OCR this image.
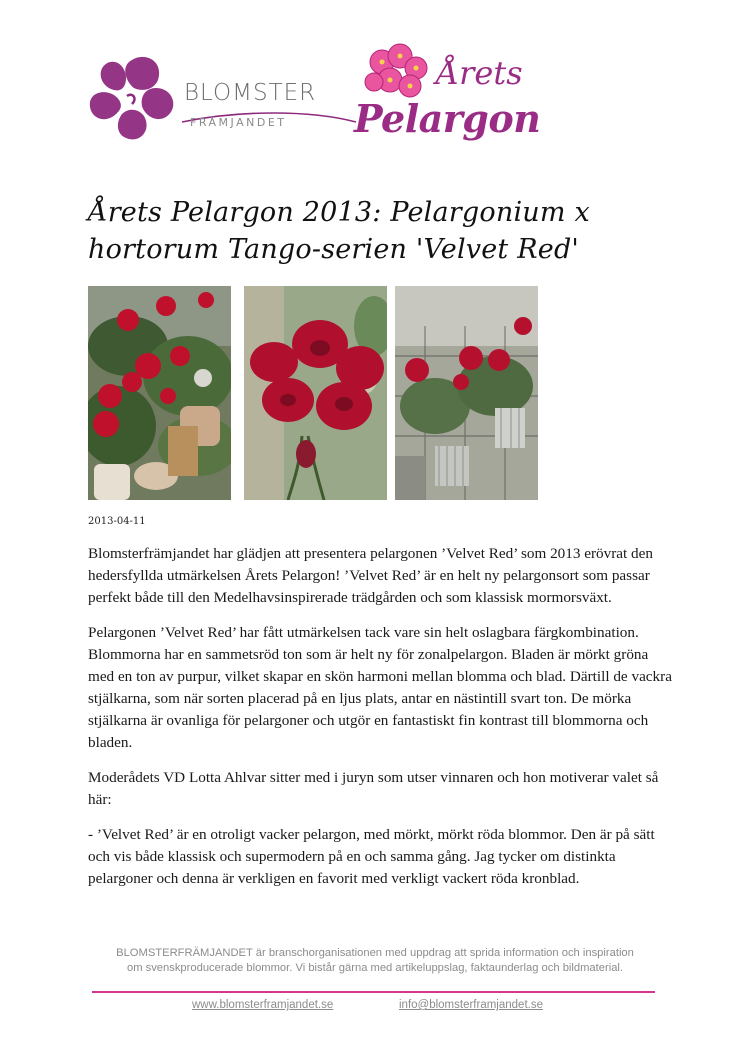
BLOMSTER
FRÄMJANDET
Årets
Pelargon
Årets Pelargon 2013: Pelargonium x hortorum Tango-serien 'Velvet Red'
2013-04-11

Blomsterfrämjandet har glädjen att presentera pelargonen ’Velvet Red’ som 2013 erövrat den hedersfyllda utmärkelsen Årets Pelargon! ’Velvet Red’ är en helt ny pelargonsort som passar perfekt både till den Medelhavsinspirerade trädgården och som klassisk mormorsväxt.

Pelargonen ’Velvet Red’ har fått utmärkelsen tack vare sin helt oslagbara färgkombination. Blommorna har en sammetsröd ton som är helt ny för zonalpelargon. Bladen är mörkt gröna med en ton av purpur, vilket skapar en skön harmoni mellan blomma och blad. Därtill de vackra stjälkarna, som när sorten placerad på en ljus plats, antar en nästintill svart ton. De mörka stjälkarna är ovanliga för pelargoner och utgör en fantastiskt fin kontrast till blommorna och bladen.

Moderådets VD Lotta Ahlvar sitter med i juryn som utser vinnaren och hon motiverar valet så här:

- ’Velvet Red’ är en otroligt vacker pelargon, med mörkt, mörkt röda blommor. Den är på sätt och vis både klassisk och supermodern på en och samma gång. Jag tycker om distinkta pelargoner och denna är verkligen en favorit med verkligt vackert röda kronblad.

BLOMSTERFRÄMJANDET är branschorganisationen med uppdrag att sprida information och inspiration
om svenskproducerade blommor. Vi bistår gärna med artikeluppslag, faktaunderlag och bildmaterial.
www.blomsterframjandet.se	info@blomsterframjandet.se
